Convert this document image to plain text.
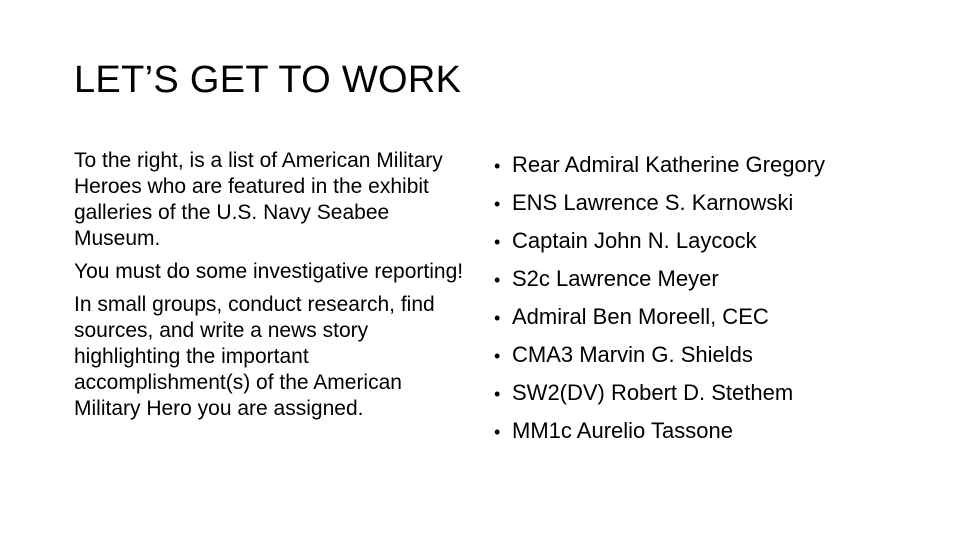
LET’S GET TO WORK

To the right, is a list of American Military Heroes who are featured in the exhibit galleries of the U.S. Navy Seabee Museum.

You must do some investigative reporting!

In small groups, conduct research, find sources, and write a news story highlighting the important accomplishment(s) of the American Military Hero you are assigned.

• Rear Admiral Katherine Gregory
• ENS Lawrence S. Karnowski
• Captain John N. Laycock
• S2c Lawrence Meyer
• Admiral Ben Moreell, CEC
• CMA3 Marvin G. Shields
• SW2(DV) Robert D. Stethem
• MM1c Aurelio Tassone
